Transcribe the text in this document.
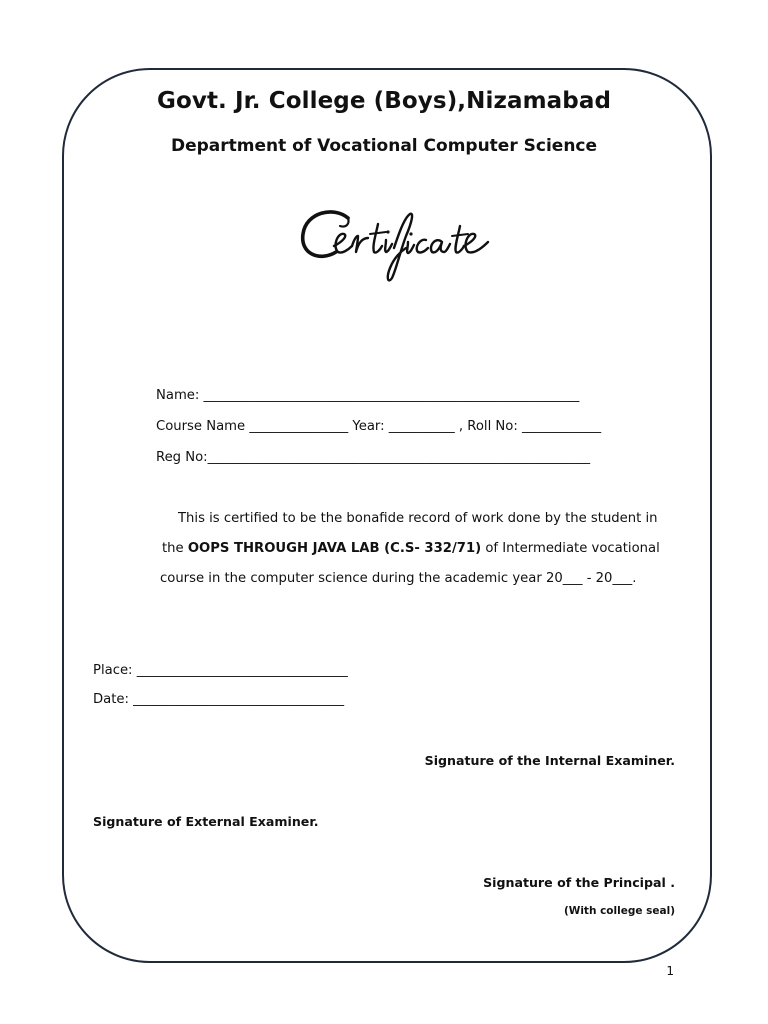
Govt. Jr. College (Boys),Nizamabad
Department of Vocational Computer Science
Name: _________________________________________________________
Course Name _______________ Year: __________ , Roll No: ____________
Reg No:__________________________________________________________
This is certified to be the bonafide record of work done by the student in
the OOPS THROUGH JAVA LAB (C.S- 332/71) of Intermediate vocational
course in the computer science during the academic year 20___ - 20___.
Place: ________________________________
Date: ________________________________
Signature of the Internal Examiner.
Signature of External Examiner.
Signature of the Principal .
(With college seal)
1
